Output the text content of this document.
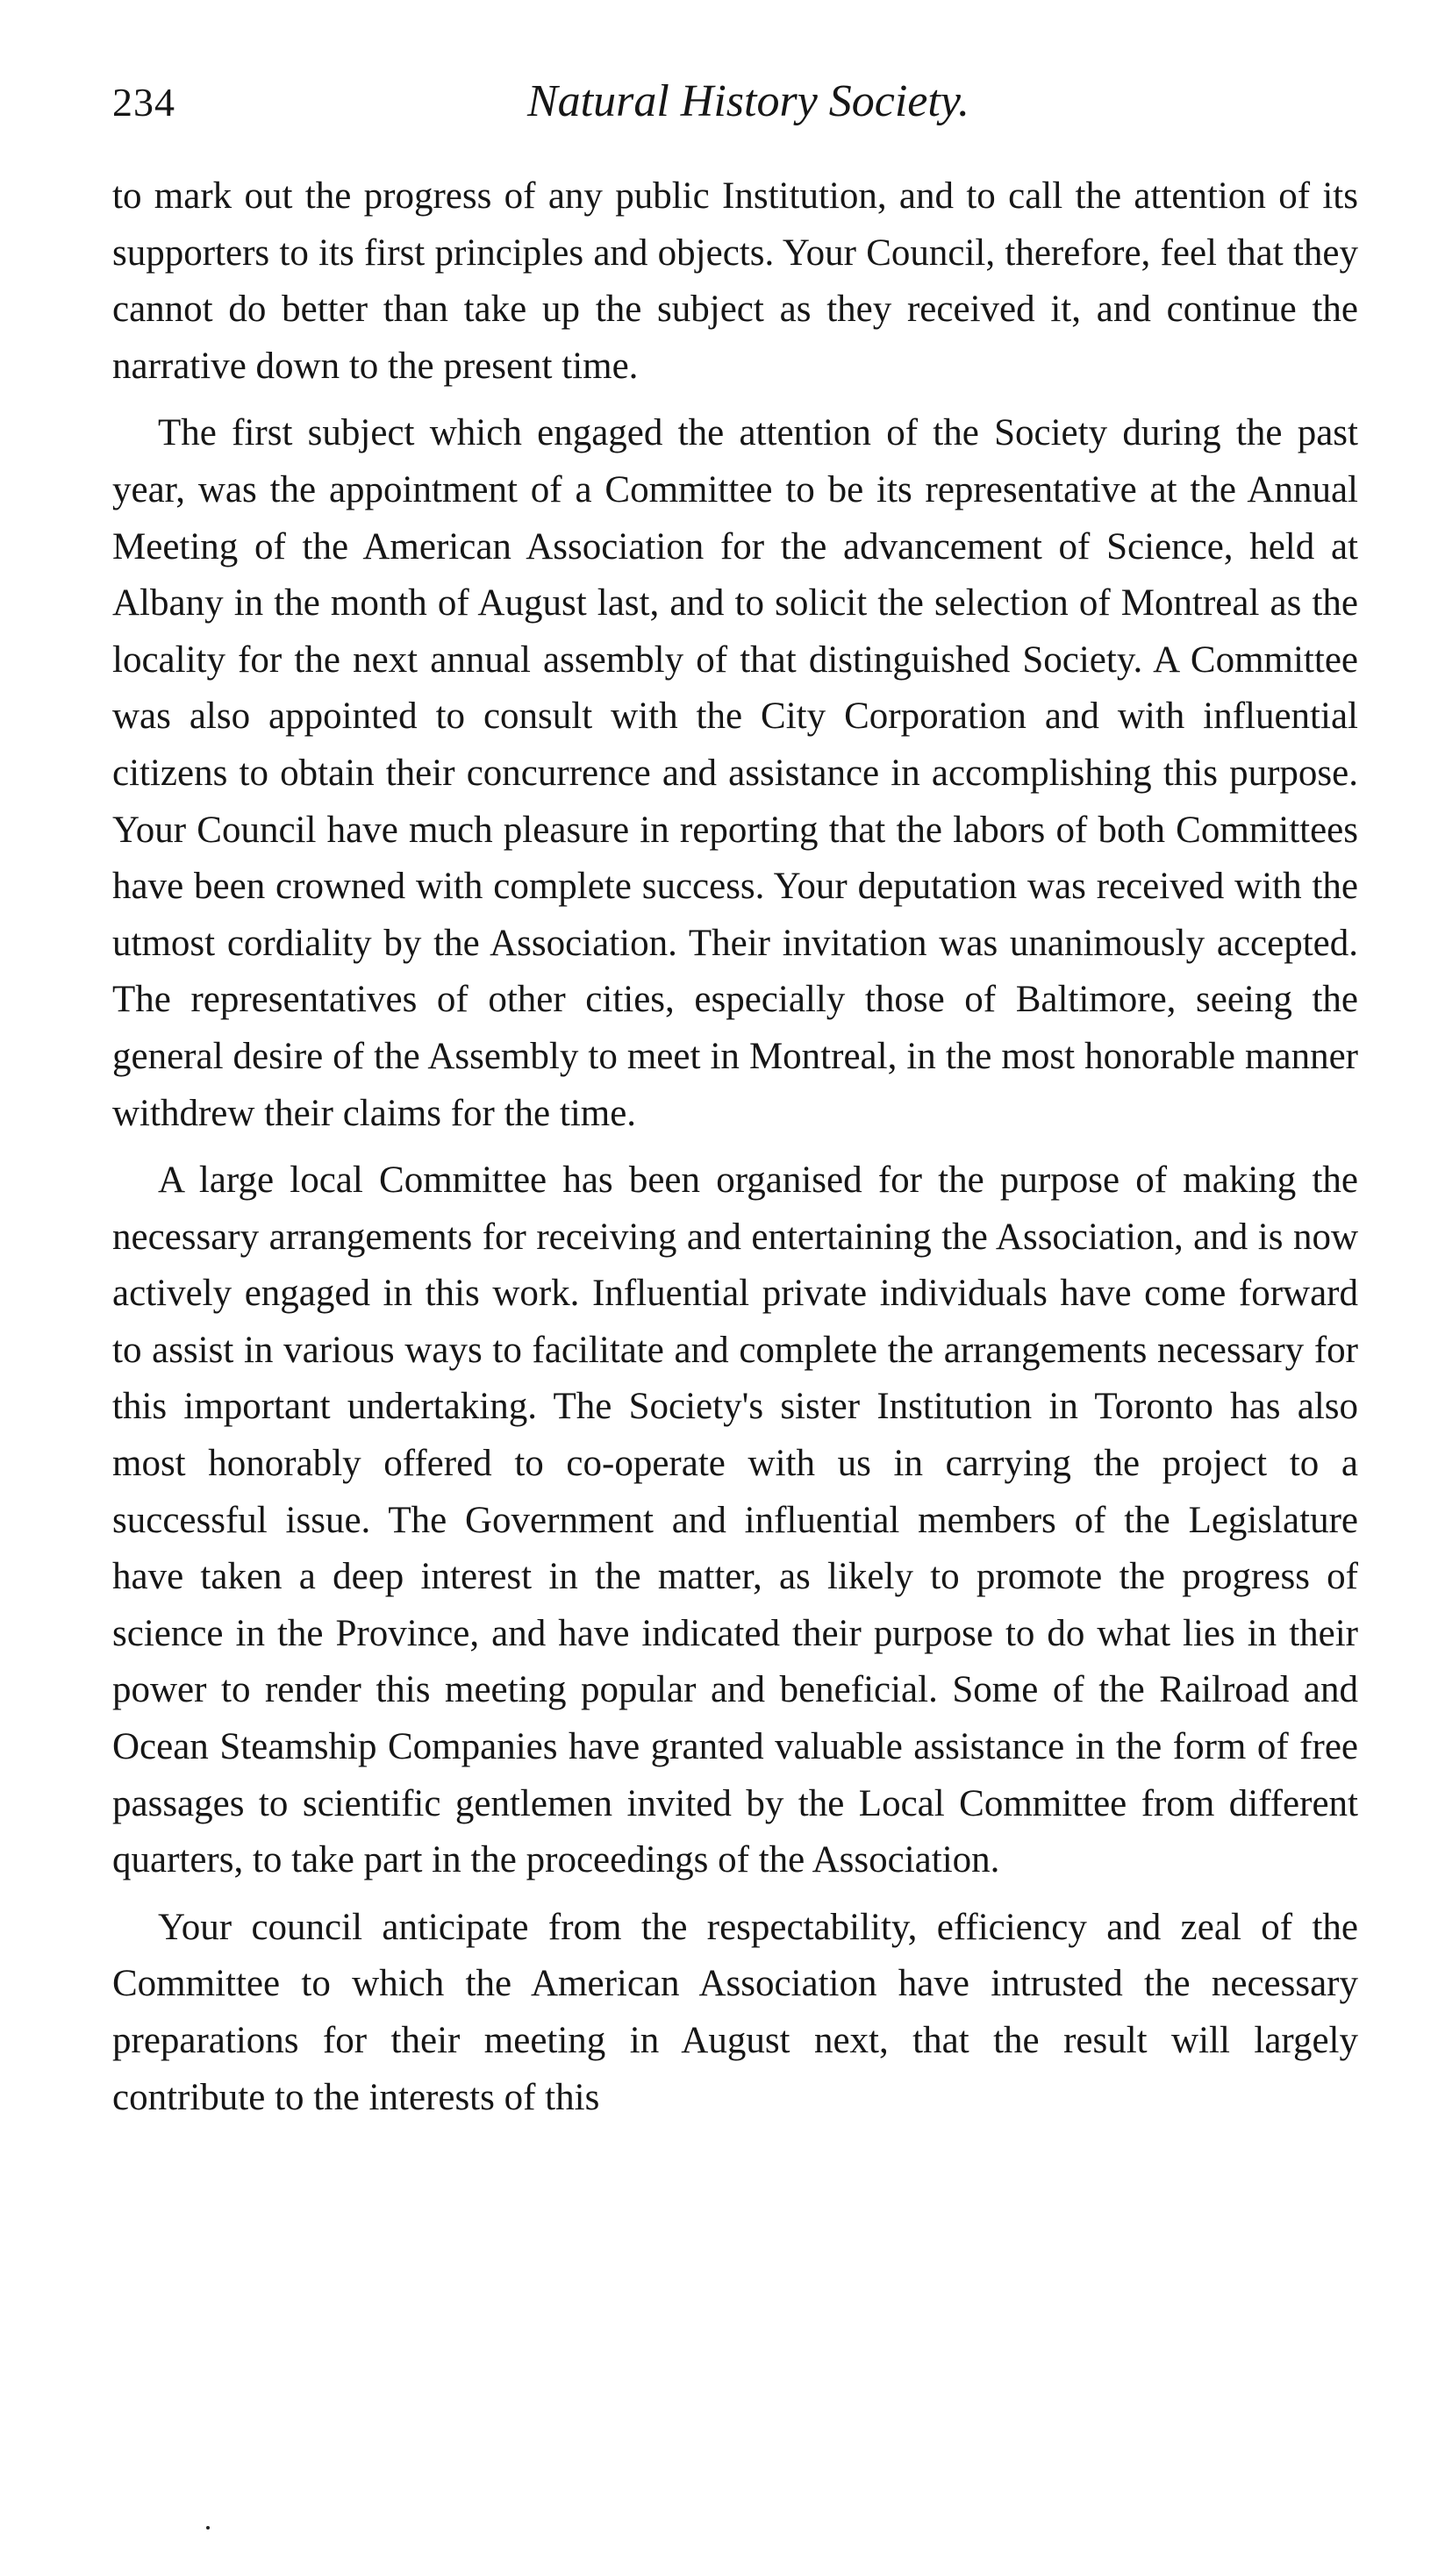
234	Natural History Society.

to mark out the progress of any public Institution, and to call the attention of its supporters to its first principles and objects. Your Council, therefore, feel that they cannot do better than take up the subject as they received it, and continue the narrative down to the present time.

The first subject which engaged the attention of the Society during the past year, was the appointment of a Committee to be its representative at the Annual Meeting of the American Association for the advancement of Science, held at Albany in the month of August last, and to solicit the selection of Montreal as the locality for the next annual assembly of that distinguished Society. A Committee was also appointed to consult with the City Corporation and with influential citizens to obtain their concurrence and assistance in accomplishing this purpose. Your Council have much pleasure in reporting that the labors of both Committees have been crowned with complete success. Your deputation was received with the utmost cordiality by the Association. Their invitation was unanimously accepted. The representatives of other cities, especially those of Baltimore, seeing the general desire of the Assembly to meet in Montreal, in the most honorable manner withdrew their claims for the time.

A large local Committee has been organised for the purpose of making the necessary arrangements for receiving and entertaining the Association, and is now actively engaged in this work. Influential private individuals have come forward to assist in various ways to facilitate and complete the arrangements necessary for this important undertaking. The Society's sister Institution in Toronto has also most honorably offered to co-operate with us in carrying the project to a successful issue. The Government and influential members of the Legislature have taken a deep interest in the matter, as likely to promote the progress of science in the Province, and have indicated their purpose to do what lies in their power to render this meeting popular and beneficial. Some of the Railroad and Ocean Steamship Companies have granted valuable assistance in the form of free passages to scientific gentlemen invited by the Local Committee from different quarters, to take part in the proceedings of the Association.

Your council anticipate from the respectability, efficiency and zeal of the Committee to which the American Association have intrusted the necessary preparations for their meeting in August next, that the result will largely contribute to the interests of this
